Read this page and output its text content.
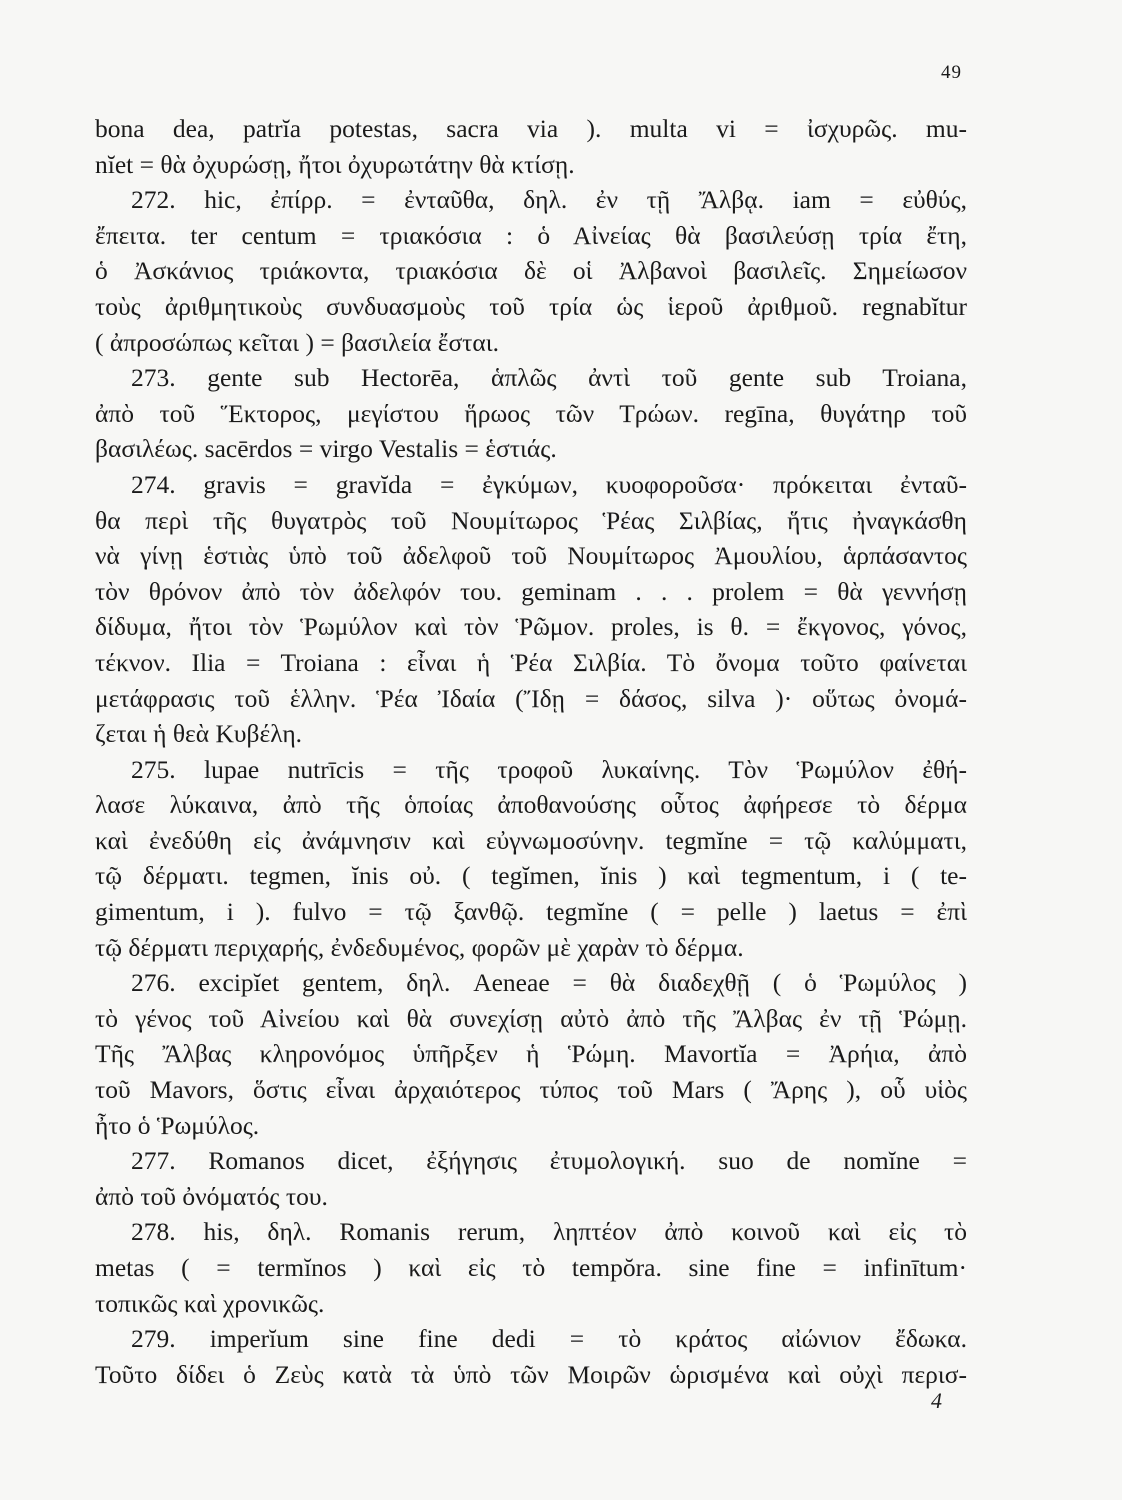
49
bona dea, patrĭa potestas, sacra via ). multa vi = ἰσχυρῶς. mu-
nĭet = θὰ ὀχυρώσῃ, ἤτοι ὀχυρωτάτην θὰ κτίσῃ.
272. hic, ἐπίρρ. = ἐνταῦθα, δηλ. ἐν τῇ Ἄλβᾳ. iam = εὐθύς,
ἔπειτα. ter centum = τριακόσια : ὁ Αἰνείας θὰ βασιλεύσῃ τρία ἔτη,
ὁ Ἀσκάνιος τριάκοντα, τριακόσια δὲ οἱ Ἀλβανοὶ βασιλεῖς. Σημείωσον
τοὺς ἀριθμητικοὺς συνδυασμοὺς τοῦ τρία ὡς ἱεροῦ ἀριθμοῦ. regnabĭtur
( ἀπροσώπως κεῖται ) = βασιλεία ἔσται.
273. gente sub Hectorēa, ἁπλῶς ἀντὶ τοῦ gente sub Troiana,
ἀπὸ τοῦ Ἕκτορος, μεγίστου ἥρωος τῶν Τρώων. regīna, θυγάτηρ τοῦ
βασιλέως. sacērdos = virgo Vestalis = ἑστιάς.
274. gravis = gravĭda = ἐγκύμων, κυοφοροῦσα· πρόκειται ἐνταῦ-
θα περὶ τῆς θυγατρὸς τοῦ Νουμίτωρος Ῥέας Σιλβίας, ἥτις ἠναγκάσθη
νὰ γίνῃ ἑστιὰς ὑπὸ τοῦ ἀδελφοῦ τοῦ Νουμίτωρος Ἀμουλίου, ἁρπάσαντος
τὸν θρόνον ἀπὸ τὸν ἀδελφόν του. geminam . . . prolem = θὰ γεννήσῃ
δίδυμα, ἤτοι τὸν Ῥωμύλον καὶ τὸν Ῥῶμον. proles, is θ. = ἔκγονος, γόνος,
τέκνον. Ilia = Troiana : εἶναι ἡ Ῥέα Σιλβία. Τὸ ὄνομα τοῦτο φαίνεται
μετάφρασις τοῦ ἑλλην. Ῥέα Ἰδαία (Ἴδῃ = δάσος, silva )· οὕτως ὀνομά-
ζεται ἡ θεὰ Κυβέλη.
275. lupae nutrīcis = τῆς τροφοῦ λυκαίνης. Τὸν Ῥωμύλον ἐθή-
λασε λύκαινα, ἀπὸ τῆς ὁποίας ἀποθανούσης οὗτος ἀφήρεσε τὸ δέρμα
καὶ ἐνεδύθη εἰς ἀνάμνησιν καὶ εὐγνωμοσύνην. tegmĭne = τῷ καλύμματι,
τῷ δέρματι. tegmen, ĭnis οὐ. ( tegĭmen, ĭnis ) καὶ tegmentum, i ( te-
gimentum, i ). fulvo = τῷ ξανθῷ. tegmĭne ( = pelle ) laetus = ἐπὶ
τῷ δέρματι περιχαρής, ἐνδεδυμένος, φορῶν μὲ χαρὰν τὸ δέρμα.
276. excipĭet gentem, δηλ. Aeneae = θὰ διαδεχθῇ ( ὁ Ῥωμύλος )
τὸ γένος τοῦ Αἰνείου καὶ θὰ συνεχίσῃ αὐτὸ ἀπὸ τῆς Ἄλβας ἐν τῇ Ῥώμῃ.
Τῆς Ἄλβας κληρονόμος ὑπῆρξεν ἡ Ῥώμη. Mavortĭa = Ἀρήια, ἀπὸ
τοῦ Mavors, ὅστις εἶναι ἀρχαιότερος τύπος τοῦ Mars ( Ἄρης ), οὗ υἱὸς
ἦτο ὁ Ῥωμύλος.
277. Romanos dicet, ἐξήγησις ἐτυμολογική. suo de nomĭne =
ἀπὸ τοῦ ὀνόματός του.
278. his, δηλ. Romanis rerum, ληπτέον ἀπὸ κοινοῦ καὶ εἰς τὸ
metas ( = termĭnos ) καὶ εἰς τὸ tempŏra. sine fine = infinītum·
τοπικῶς καὶ χρονικῶς.
279. imperĭum sine fine dedi = τὸ κράτος αἰώνιον ἔδωκα.
Τοῦτο δίδει ὁ Ζεὺς κατὰ τὰ ὑπὸ τῶν Μοιρῶν ὡρισμένα καὶ οὐχὶ περισ-
4
